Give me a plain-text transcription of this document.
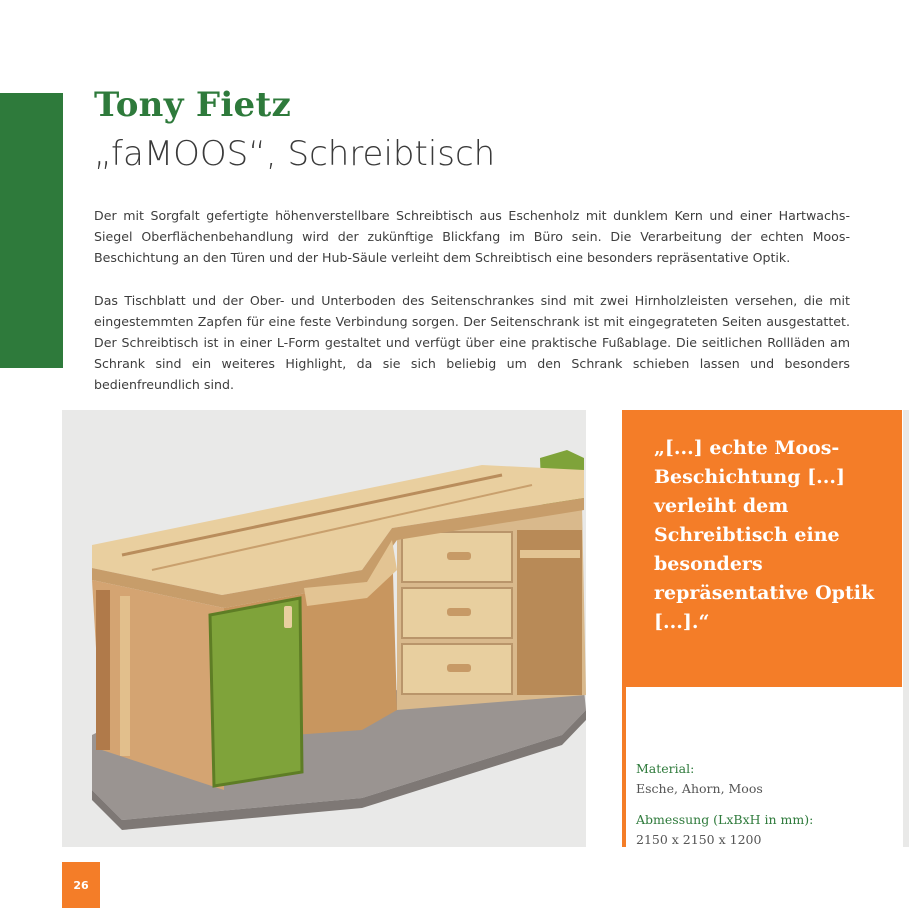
Tony Fietz
„faMOOS“, Schreibtisch

Der mit Sorgfalt gefertigte höhenverstellbare Schreibtisch aus Eschenholz mit dunklem Kern und einer Hartwachs-Siegel Oberflächenbehandlung wird der zukünftige Blickfang im Büro sein. Die Verarbeitung der echten Moos-Beschichtung an den Türen und der Hub-Säule verleiht dem Schreibtisch eine besonders repräsentative Optik.

Das Tischblatt und der Ober- und Unterboden des Seitenschrankes sind mit zwei Hirnholzleisten versehen, die mit eingestemmten Zapfen für eine feste Verbindung sorgen. Der Seitenschrank ist mit eingegrateten Seiten ausgestattet. Der Schreibtisch ist in einer L-Form gestaltet und verfügt über eine praktische Fußablage. Die seitlichen Rollläden am Schrank sind ein weiteres Highlight, da sie sich beliebig um den Schrank schieben lassen und besonders bedienfreundlich sind.

„[...] echte Moos-Beschichtung [...] verleiht dem Schreibtisch eine besonders repräsentative Optik [...].“
Material:
Esche, Ahorn, Moos
Abmessung (LxBxH in mm):
2150 x 2150 x 1200
26
